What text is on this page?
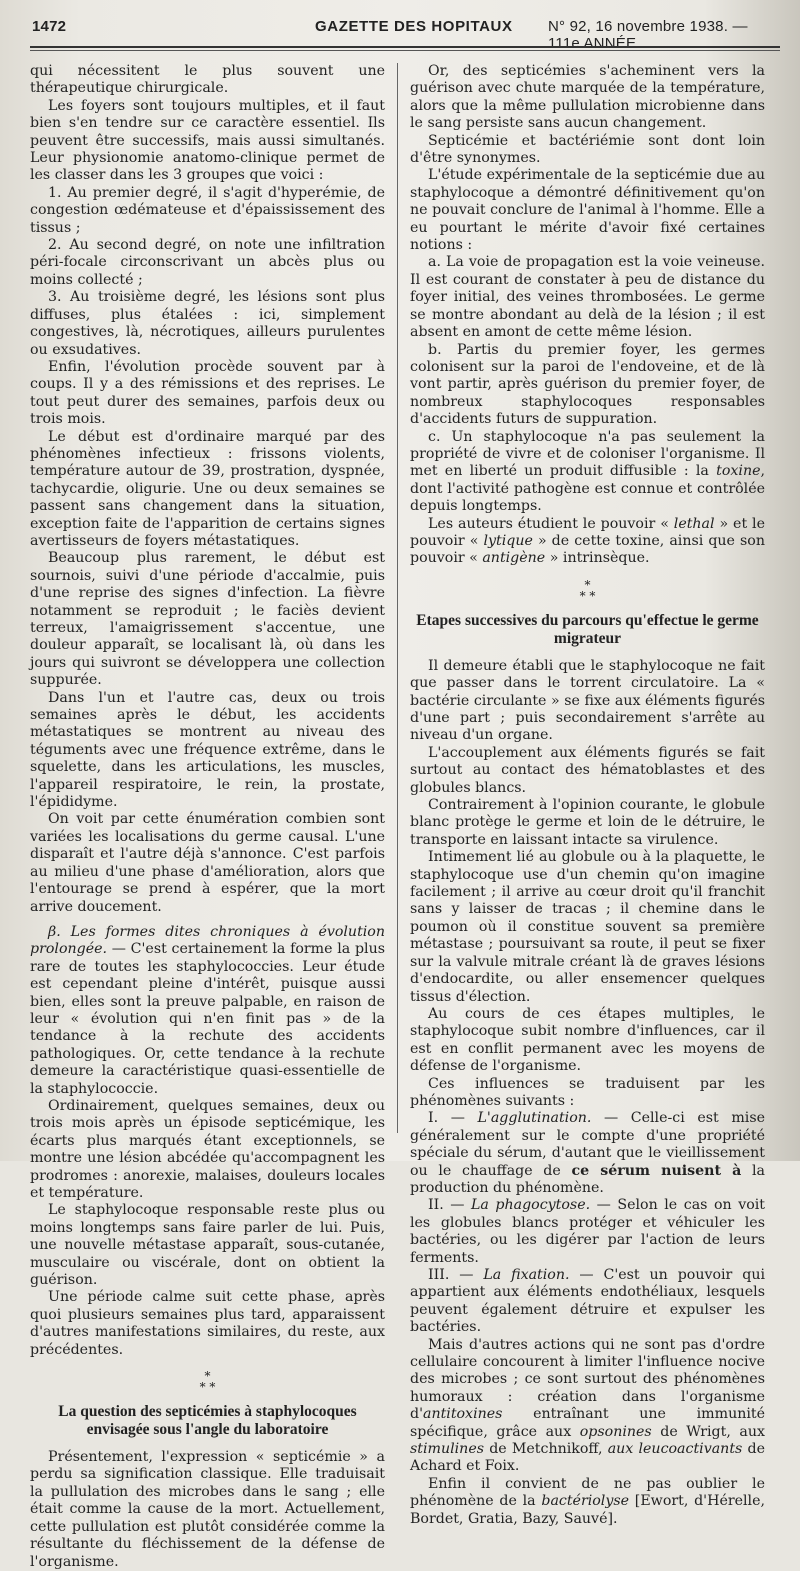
1472	GAZETTE DES HOPITAUX N° 92, 16 novembre 1938. — 111e ANNÉE.

qui nécessitent le plus souvent une thérapeutique chirurgicale.

Les foyers sont toujours multiples, et il faut bien s'en tendre sur ce caractère essentiel. Ils peuvent être successifs, mais aussi simultanés. Leur physionomie anatomo-clinique permet de les classer dans les 3 groupes que voici :

1. Au premier degré, il s'agit d'hyperémie, de congestion œdémateuse et d'épaississement des tissus ;

2. Au second degré, on note une infiltration péri-focale circonscrivant un abcès plus ou moins collecté ;

3. Au troisième degré, les lésions sont plus diffuses, plus étalées : ici, simplement congestives, là, nécrotiques, ailleurs purulentes ou exsudatives.

Enfin, l'évolution procède souvent par à coups. Il y a des rémissions et des reprises. Le tout peut durer des semaines, parfois deux ou trois mois.

Le début est d'ordinaire marqué par des phénomènes infectieux : frissons violents, température autour de 39, prostration, dyspnée, tachycardie, oligurie. Une ou deux semaines se passent sans changement dans la situation, exception faite de l'apparition de certains signes avertisseurs de foyers métastatiques.

Beaucoup plus rarement, le début est sournois, suivi d'une période d'accalmie, puis d'une reprise des signes d'infection. La fièvre notamment se reproduit ; le faciès devient terreux, l'amaigrissement s'accentue, une douleur apparaît, se localisant là, où dans les jours qui suivront se développera une collection suppurée.

Dans l'un et l'autre cas, deux ou trois semaines après le début, les accidents métastatiques se montrent au niveau des téguments avec une fréquence extrême, dans le squelette, dans les articulations, les muscles, l'appareil respiratoire, le rein, la prostate, l'épididyme.

On voit par cette énumération combien sont variées les localisations du germe causal. L'une disparaît et l'autre déjà s'annonce. C'est parfois au milieu d'une phase d'amélioration, alors que l'entourage se prend à espérer, que la mort arrive doucement.

β. Les formes dites chroniques à évolution prolongée. — C'est certainement la forme la plus rare de toutes les staphylococcies. Leur étude est cependant pleine d'intérêt, puisque aussi bien, elles sont la preuve palpable, en raison de leur « évolution qui n'en finit pas » de la tendance à la rechute des accidents pathologiques. Or, cette tendance à la rechute demeure la caractéristique quasi-essentielle de la staphylococcie.

Ordinairement, quelques semaines, deux ou trois mois après un épisode septicémique, les écarts plus marqués étant exceptionnels, se montre une lésion abcédée qu'accompagnent les prodromes : anorexie, malaises, douleurs locales et température.

Le staphylocoque responsable reste plus ou moins longtemps sans faire parler de lui. Puis, une nouvelle métastase apparaît, sous-cutanée, musculaire ou viscérale, dont on obtient la guérison.

Une période calme suit cette phase, après quoi plusieurs semaines plus tard, apparaissent d'autres manifestations similaires, du reste, aux précédentes.

*
* *
La question des septicémies à staphylocoques envisagée sous l'angle du laboratoire

Présentement, l'expression « septicémie » a perdu sa signification classique. Elle traduisait la pullulation des microbes dans le sang ; elle était comme la cause de la mort. Actuellement, cette pullulation est plutôt considérée comme la résultante du fléchissement de la défense de l'organisme.

Or, des septicémies s'acheminent vers la guérison avec chute marquée de la température, alors que la même pullulation microbienne dans le sang persiste sans aucun changement.

Septicémie et bactériémie sont dont loin d'être synonymes.

L'étude expérimentale de la septicémie due au staphylocoque a démontré définitivement qu'on ne pouvait conclure de l'animal à l'homme. Elle a eu pourtant le mérite d'avoir fixé certaines notions :

a. La voie de propagation est la voie veineuse. Il est courant de constater à peu de distance du foyer initial, des veines thrombosées. Le germe se montre abondant au delà de la lésion ; il est absent en amont de cette même lésion.

b. Partis du premier foyer, les germes colonisent sur la paroi de l'endoveine, et de là vont partir, après guérison du premier foyer, de nombreux staphylocoques responsables d'accidents futurs de suppuration.

c. Un staphylocoque n'a pas seulement la propriété de vivre et de coloniser l'organisme. Il met en liberté un produit diffusible : la toxine, dont l'activité pathogène est connue et contrôlée depuis longtemps.

Les auteurs étudient le pouvoir « lethal » et le pouvoir « lytique » de cette toxine, ainsi que son pouvoir « antigène » intrinsèque.

*
* *
Etapes successives du parcours qu'effectue le germe migrateur

Il demeure établi que le staphylocoque ne fait que passer dans le torrent circulatoire. La « bactérie circulante » se fixe aux éléments figurés d'une part ; puis secondairement s'arrête au niveau d'un organe.

L'accouplement aux éléments figurés se fait surtout au contact des hématoblastes et des globules blancs.

Contrairement à l'opinion courante, le globule blanc protège le germe et loin de le détruire, le transporte en laissant intacte sa virulence.

Intimement lié au globule ou à la plaquette, le staphylocoque use d'un chemin qu'on imagine facilement ; il arrive au cœur droit qu'il franchit sans y laisser de tracas ; il chemine dans le poumon où il constitue souvent sa première métastase ; poursuivant sa route, il peut se fixer sur la valvule mitrale créant là de graves lésions d'endocardite, ou aller ensemencer quelques tissus d'élection.

Au cours de ces étapes multiples, le staphylocoque subit nombre d'influences, car il est en conflit permanent avec les moyens de défense de l'organisme.

Ces influences se traduisent par les phénomènes suivants :

I. — L'agglutination. — Celle-ci est mise généralement sur le compte d'une propriété spéciale du sérum, d'autant que le vieillissement ou le chauffage de ce sérum nuisent à la production du phénomène.

II. — La phagocytose. — Selon le cas on voit les globules blancs protéger et véhiculer les bactéries, ou les digérer par l'action de leurs ferments.

III. — La fixation. — C'est un pouvoir qui appartient aux éléments endothéliaux, lesquels peuvent également détruire et expulser les bactéries.

Mais d'autres actions qui ne sont pas d'ordre cellulaire concourent à limiter l'influence nocive des microbes ; ce sont surtout des phénomènes humoraux : création dans l'organisme d'antitoxines entraînant une immunité spécifique, grâce aux opsonines de Wrigt, aux stimulines de Metchnikoff, aux leucoactivants de Achard et Foix.

Enfin il convient de ne pas oublier le phénomène de la bactériolyse [Ewort, d'Hérelle, Bordet, Gratia, Bazy, Sauvé].
